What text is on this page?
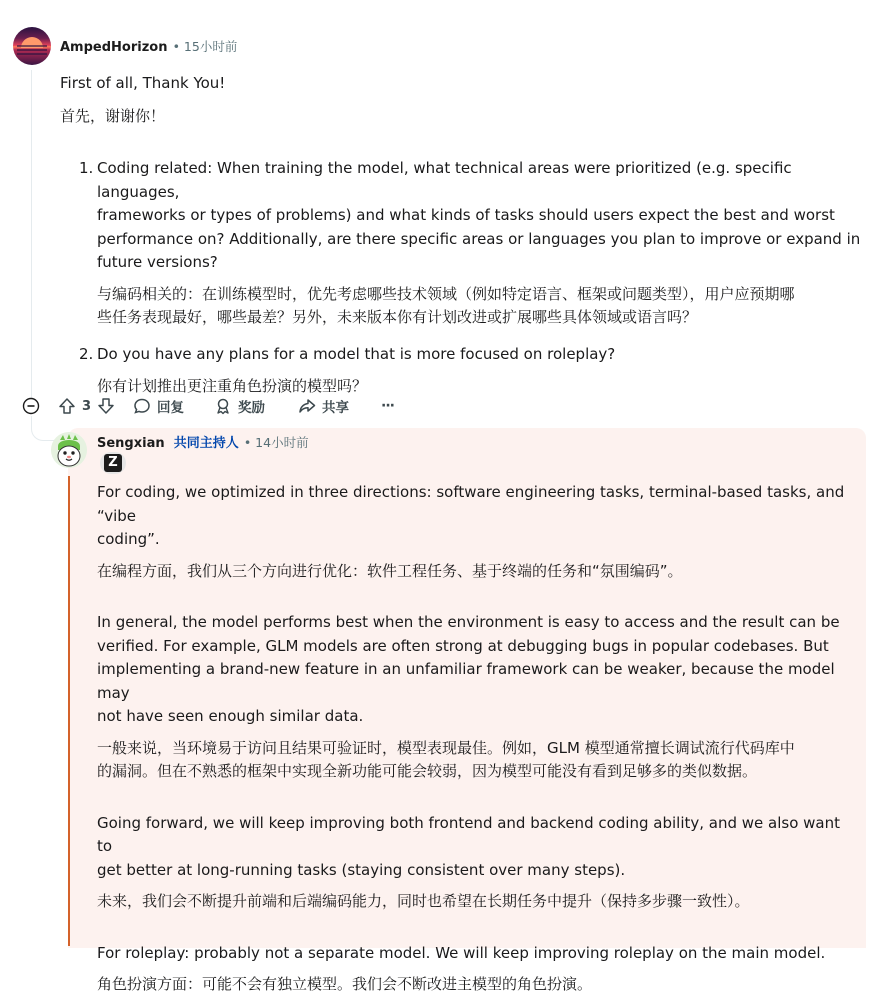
AmpedHorizon • 15小时前

First of all, Thank You!

首先，谢谢你！

1. Coding related: When training the model, what technical areas were prioritized (e.g. specific languages,
frameworks or types of problems) and what kinds of tasks should users expect the best and worst
performance on? Additionally, are there specific areas or languages you plan to improve or expand in
future versions?
与编码相关的：在训练模型时，优先考虑哪些技术领域（例如特定语言、框架或问题类型），用户应预期哪
些任务表现最好，哪些最差？另外，未来版本你有计划改进或扩展哪些具体领域或语言吗？
2. Do you have any plans for a model that is more focused on roleplay?
你有计划推出更注重角色扮演的模型吗？
3	回复	奖励	共享 ···
Sengxian 共同主持人 • 14小时前
Z
For coding, we optimized in three directions: software engineering tasks, terminal-based tasks, and “vibe
coding”.
在编程方面，我们从三个方向进行优化：软件工程任务、基于终端的任务和“氛围编码”。
In general, the model performs best when the environment is easy to access and the result can be
verified. For example, GLM models are often strong at debugging bugs in popular codebases. But
implementing a brand-new feature in an unfamiliar framework can be weaker, because the model may
not have seen enough similar data.
一般来说，当环境易于访问且结果可验证时，模型表现最佳。例如，GLM 模型通常擅长调试流行代码库中
的漏洞。但在不熟悉的框架中实现全新功能可能会较弱，因为模型可能没有看到足够多的类似数据。
Going forward, we will keep improving both frontend and backend coding ability, and we also want to
get better at long-running tasks (staying consistent over many steps).
未来，我们会不断提升前端和后端编码能力，同时也希望在长期任务中提升（保持多步骤一致性）。
For roleplay: probably not a separate model. We will keep improving roleplay on the main model.
角色扮演方面：可能不会有独立模型。我们会不断改进主模型的角色扮演。
